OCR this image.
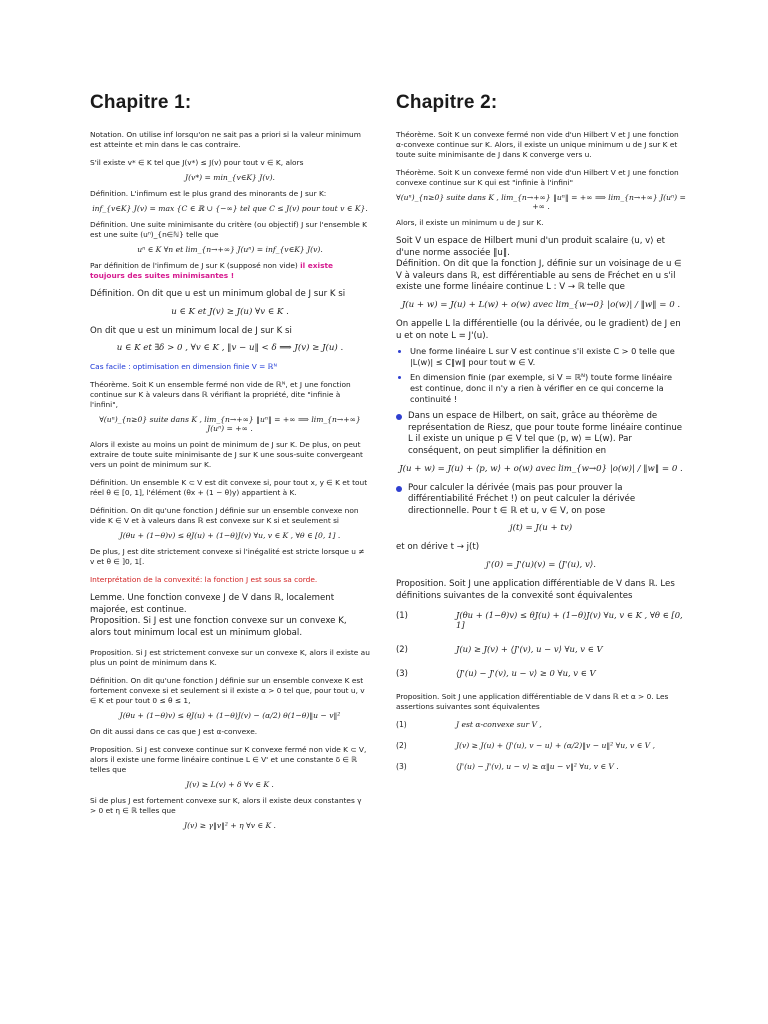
Chapitre 1:

Notation. On utilise inf lorsqu'on ne sait pas a priori si la valeur minimum est atteinte et min dans le cas contraire.

S'il existe v* ∈ K tel que J(v*) ≤ J(v) pour tout v ∈ K, alors

J(v*) = min_{v∈K} J(v).

Définition. L'infimum est le plus grand des minorants de J sur K:

inf_{v∈K} J(v) = max {C ∈ ℝ ∪ {−∞} tel que C ≤ J(v) pour tout v ∈ K}.

Définition. Une suite minimisante du critère (ou objectif) J sur l'ensemble K est une suite (uⁿ)_{n∈ℕ} telle que

uⁿ ∈ K ∀n et lim_{n→+∞} J(uⁿ) = inf_{v∈K} J(v).

Par définition de l'infimum de J sur K (supposé non vide) il existe toujours des suites minimisantes !

Définition. On dit que u est un minimum global de J sur K si

u ∈ K et J(v) ≥ J(u) ∀v ∈ K .

On dit que u est un minimum local de J sur K si

u ∈ K et ∃δ > 0 , ∀v ∈ K , ‖v − u‖ < δ ⟹ J(v) ≥ J(u) .

Cas facile : optimisation en dimension finie V = ℝᴺ

Théorème. Soit K un ensemble fermé non vide de ℝᴺ, et J une fonction continue sur K à valeurs dans ℝ vérifiant la propriété, dite "infinie à l'infini",

∀(uⁿ)_{n≥0} suite dans K , lim_{n→+∞} ‖uⁿ‖ = +∞ ⟹ lim_{n→+∞} J(uⁿ) = +∞ .

Alors il existe au moins un point de minimum de J sur K. De plus, on peut extraire de toute suite minimisante de J sur K une sous-suite convergeant vers un point de minimum sur K.

Définition. Un ensemble K ⊂ V est dit convexe si, pour tout x, y ∈ K et tout réel θ ∈ [0, 1], l'élément (θx + (1 − θ)y) appartient à K.

Définition. On dit qu'une fonction J définie sur un ensemble convexe non vide K ∈ V et à valeurs dans ℝ est convexe sur K si et seulement si

J(θu + (1−θ)v) ≤ θJ(u) + (1−θ)J(v) ∀u, v ∈ K , ∀θ ∈ [0, 1] .

De plus, J est dite strictement convexe si l'inégalité est stricte lorsque u ≠ v et θ ∈ ]0, 1[.

Interprétation de la convexité: la fonction J est sous sa corde.

Lemme. Une fonction convexe J de V dans ℝ, localement majorée, est continue.

Proposition. Si J est une fonction convexe sur un convexe K, alors tout minimum local est un minimum global.

Proposition. Si J est strictement convexe sur un convexe K, alors il existe au plus un point de minimum dans K.

Définition. On dit qu'une fonction J définie sur un ensemble convexe K est fortement convexe si et seulement si il existe α > 0 tel que, pour tout u, v ∈ K et pour tout 0 ≤ θ ≤ 1,

J(θu + (1−θ)v) ≤ θJ(u) + (1−θ)J(v) − (α/2) θ(1−θ)‖u − v‖²

On dit aussi dans ce cas que J est α-convexe.

Proposition. Si J est convexe continue sur K convexe fermé non vide K ⊂ V, alors il existe une forme linéaire continue L ∈ V' et une constante δ ∈ ℝ telles que

J(v) ≥ L(v) + δ ∀v ∈ K .

Si de plus J est fortement convexe sur K, alors il existe deux constantes γ > 0 et η ∈ ℝ telles que

J(v) ≥ γ‖v‖² + η ∀v ∈ K .
Chapitre 2:

Théorème. Soit K un convexe fermé non vide d'un Hilbert V et J une fonction α-convexe continue sur K. Alors, il existe un unique minimum u de J sur K et toute suite minimisante de J dans K converge vers u.

Théorème. Soit K un convexe fermé non vide d'un Hilbert V et J une fonction convexe continue sur K qui est "infinie à l'infini"

∀(uⁿ)_{n≥0} suite dans K , lim_{n→+∞} ‖uⁿ‖ = +∞ ⟹ lim_{n→+∞} J(uⁿ) = +∞ .

Alors, il existe un minimum u de J sur K.

Soit V un espace de Hilbert muni d'un produit scalaire ⟨u, v⟩ et d'une norme associée ‖u‖.

Définition. On dit que la fonction J, définie sur un voisinage de u ∈ V à valeurs dans ℝ, est différentiable au sens de Fréchet en u s'il existe une forme linéaire continue L : V → ℝ telle que

J(u + w) = J(u) + L(w) + o(w) avec lim_{w→0} |o(w)| / ‖w‖ = 0 .

On appelle L la différentielle (ou la dérivée, ou le gradient) de J en u et on note L = J'(u).

• Une forme linéaire L sur V est continue s'il existe C > 0 telle que |L(w)| ≤ C‖w‖ pour tout w ∈ V.
• En dimension finie (par exemple, si V = ℝᴺ) toute forme linéaire est continue, donc il n'y a rien à vérifier en ce qui concerne la continuité !
Dans un espace de Hilbert, on sait, grâce au théorème de représentation de Riesz, que pour toute forme linéaire continue L il existe un unique p ∈ V tel que ⟨p, w⟩ = L(w). Par conséquent, on peut simplifier la définition en
J(u + w) = J(u) + ⟨p, w⟩ + o(w) avec lim_{w→0} |o(w)| / ‖w‖ = 0 .
Pour calculer la dérivée (mais pas pour prouver la différentiabilité Fréchet !) on peut calculer la dérivée directionnelle. Pour t ∈ ℝ et u, v ∈ V, on pose
j(t) = J(u + tv)

et on dérive t → j(t)

j'(0) = J'(u)(v) = ⟨J'(u), v⟩.

Proposition. Soit J une application différentiable de V dans ℝ. Les définitions suivantes de la convexité sont équivalentes

(1)	J(θu + (1−θ)v) ≤ θJ(u) + (1−θ)J(v) ∀u, v ∈ K , ∀θ ∈ [0, 1]
(2)	J(u) ≥ J(v) + ⟨J'(v), u − v⟩ ∀u, v ∈ V
(3)	⟨J'(u) − J'(v), u − v⟩ ≥ 0 ∀u, v ∈ V

Proposition. Soit J une application différentiable de V dans ℝ et α > 0. Les assertions suivantes sont équivalentes

(1)	J est α-convexe sur V ,
(2)	J(v) ≥ J(u) + ⟨J'(u), v − u⟩ + (α/2)‖v − u‖² ∀u, v ∈ V ,
(3)	⟨J'(u) − J'(v), u − v⟩ ≥ α‖u − v‖² ∀u, v ∈ V .
